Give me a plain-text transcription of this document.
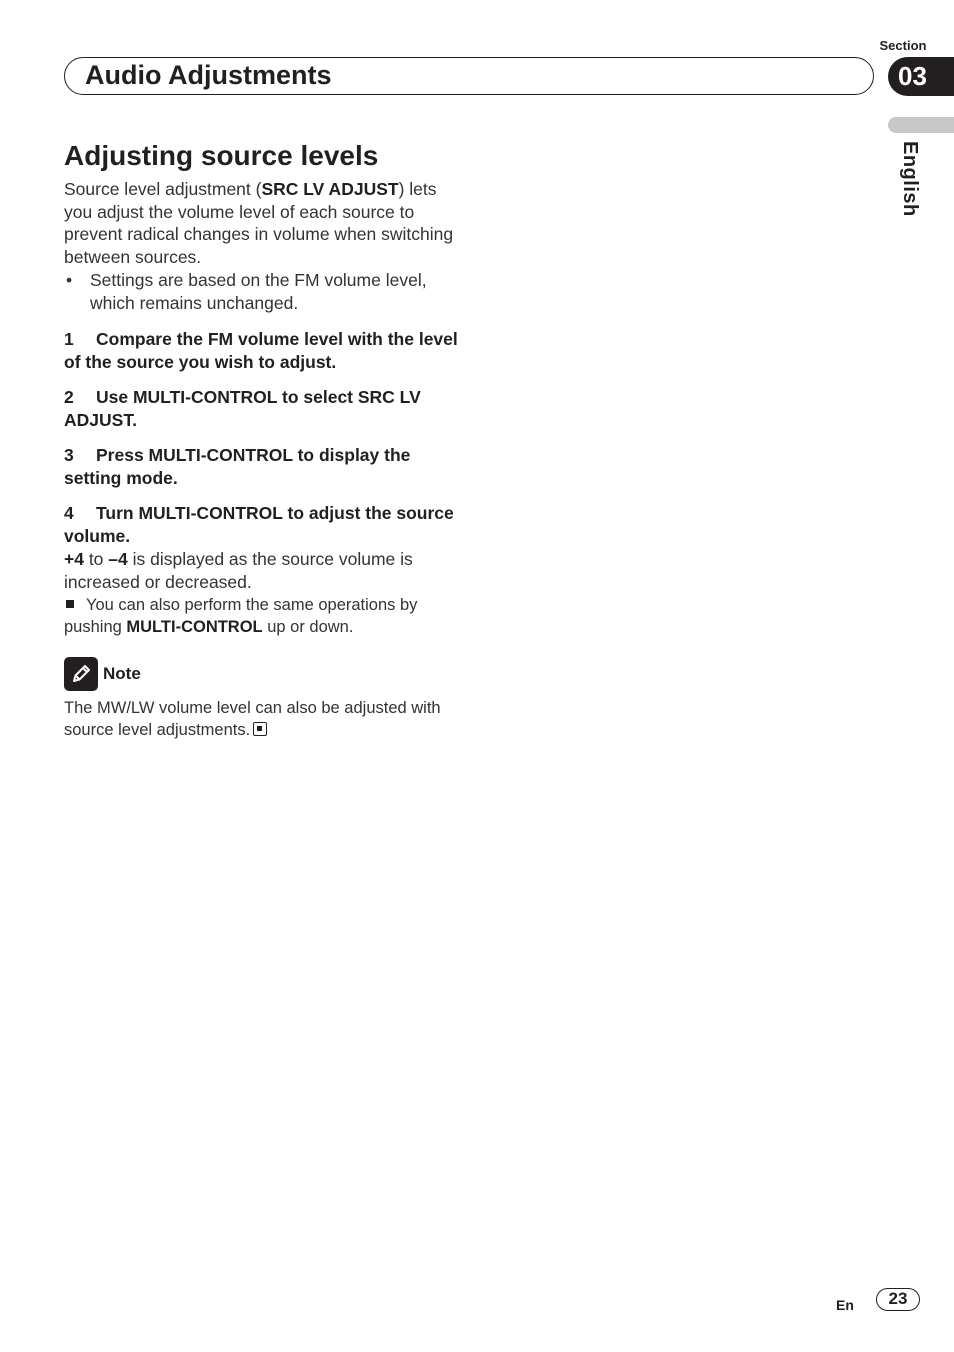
Section
Audio Adjustments	03
English
Adjusting source levels

Source level adjustment (SRC LV ADJUST) lets you adjust the volume level of each source to prevent radical changes in volume when switching between sources.

• Settings are based on the FM volume level, which remains unchanged.
1 Compare the FM volume level with the level of the source you wish to adjust.
2 Use MULTI-CONTROL to select SRC LV ADJUST.
3 Press MULTI-CONTROL to display the setting mode.
4 Turn MULTI-CONTROL to adjust the source volume.

+4 to –4 is displayed as the source volume is increased or decreased.

You can also perform the same operations by pushing MULTI-CONTROL up or down.

Note
The MW/LW volume level can also be adjusted with source level adjustments.
En	23
